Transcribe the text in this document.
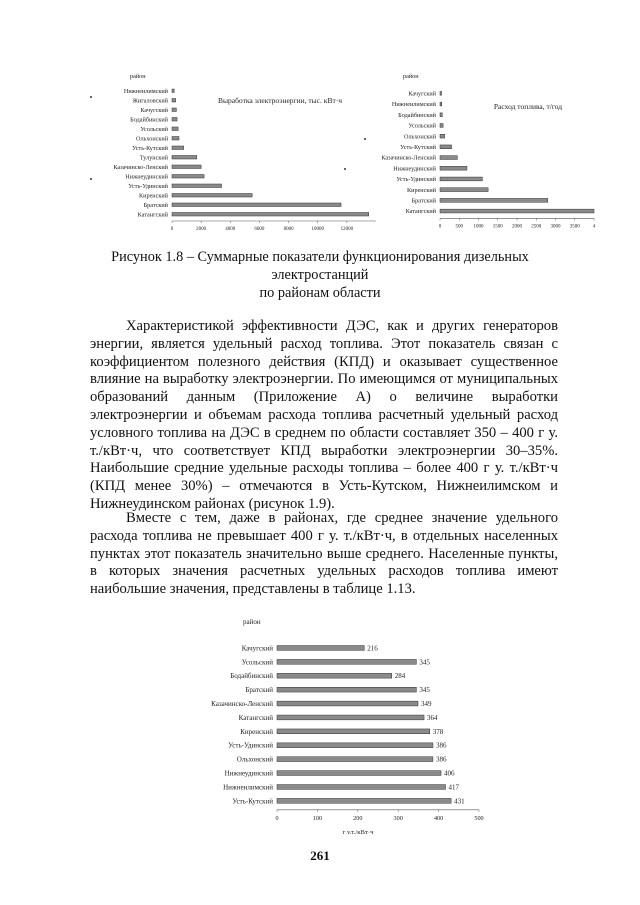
район
Выработка электроэнергии, тыс. кВт·ч
Нижнеилимский
Жигаловский
Качугский
Бодайбинский
Усольский
Ольхонский
Усть-Кутский
Тулунский
Казачинско-Ленский
Нижнеудинский
Усть-Удинский
Киренский
Братский
Катангский
0	2000	4000	6000	8000	10000	12000
район
Расход топлива, т/год
Качугский
Нижнеилимский
Бодайбинский
Усольский
Ольхонский
Усть-Кутский
Казачинско-Ленский
Нижнеудинский
Усть-Удинский
Киренский
Братский
Катангский
0	500 1000 1500 2000 2500 3000 3500	4
Рисунок 1.8 – Суммарные показатели функционирования дизельных
электростанций
по районам области

Характеристикой эффективности ДЭС, как и других генераторов энергии, является удельный расход топлива. Этот показатель связан с коэффициентом полезного действия (КПД) и оказывает существенное влияние на выработку электроэнергии. По имеющимся от муниципальных образований данным (Приложение А) о величине выработки электроэнергии и объемам расхода топлива расчетный удельный расход условного топлива на ДЭС в среднем по области составляет 350 – 400 г у. т./кВт·ч, что соответствует КПД выработки электроэнергии 30–35%. Наибольшие средние удельные расходы топлива – более 400 г у. т./кВт·ч (КПД менее 30%) – отмечаются в Усть-Кутском, Нижнеилимском и Нижнеудинском районах (рисунок 1.9).

Вместе с тем, даже в районах, где среднее значение удельного расхода топлива не превышает 400 г у. т./кВт·ч, в отдельных населенных пунктах этот показатель значительно выше среднего. Населенные пункты, в которых значения расчетных удельных расходов топлива имеют наибольшие значения, представлены в таблице 1.13.

район
Качугский	216
Усольский	345
Бодайбинский	284
Братский	345
Казачинско-Ленский	349
Катангский	364
Киренский	378
Усть-Удинский	386
Ольхонский	386
Нижнеудинский	406
Нижнеилимский	417
Усть-Кутский	431
0	100	200	300	400	500
г у.т./кВт·ч
261
